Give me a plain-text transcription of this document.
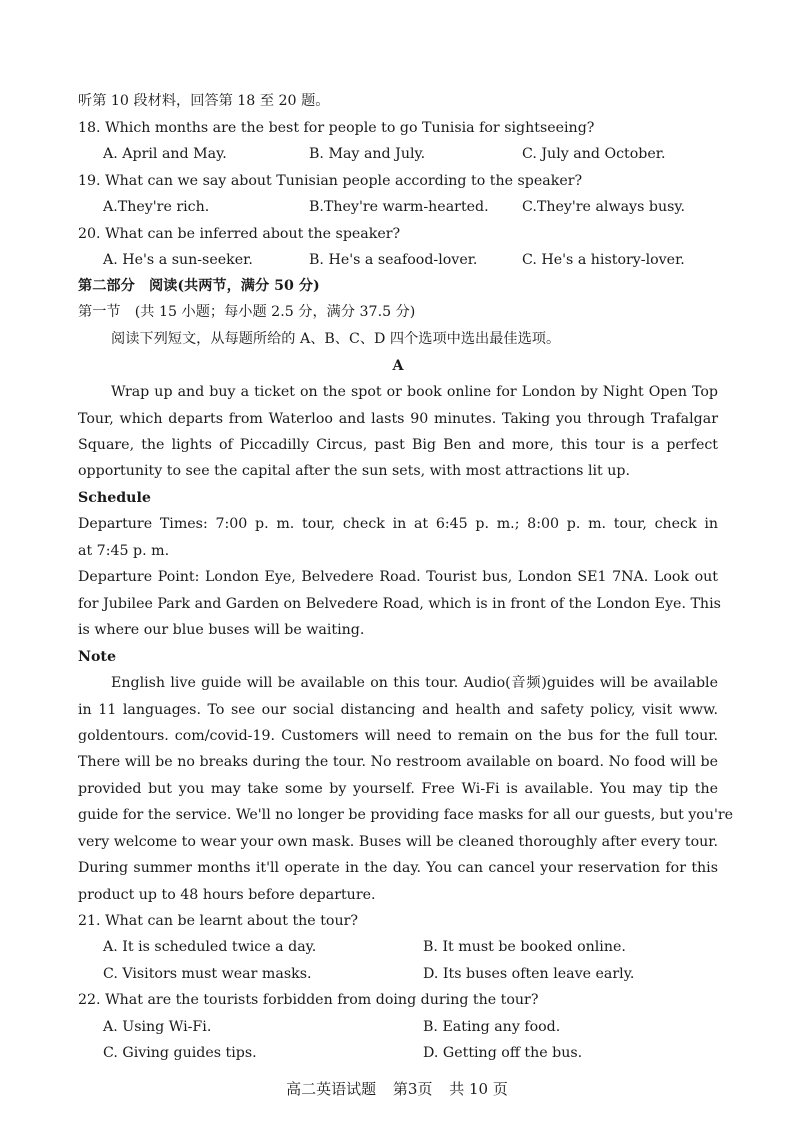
听第 10 段材料，回答第 18 至 20 题。
18. Which months are the best for people to go Tunisia for sightseeing?
A. April and May.	B. May and July.	C. July and October.
19. What can we say about Tunisian people according to the speaker?
A.They're rich.	B.They're warm-hearted. C.They're always busy.
20. What can be inferred about the speaker?
A. He's a sun-seeker.	B. He's a seafood-lover.	C. He's a history-lover.
第二部分　阅读(共两节，满分 50 分)
第一节　(共 15 小题；每小题 2.5 分，满分 37.5 分)
阅读下列短文，从每题所给的 A、B、C、D 四个选项中选出最佳选项。
A
Wrap up and buy a ticket on the spot or book online for London by Night Open Top
Tour, which departs from Waterloo and lasts 90 minutes. Taking you through Trafalgar
Square, the lights of Piccadilly Circus, past Big Ben and more, this tour is a perfect
opportunity to see the capital after the sun sets, with most attractions lit up.
Schedule
Departure Times: 7:00 p. m. tour, check in at 6:45 p. m.; 8:00 p. m. tour, check in
at 7:45 p. m.
Departure Point: London Eye, Belvedere Road. Tourist bus, London SE1 7NA. Look out
for Jubilee Park and Garden on Belvedere Road, which is in front of the London Eye. This
is where our blue buses will be waiting.
Note
English live guide will be available on this tour. Audio(音频)guides will be available
in 11 languages. To see our social distancing and health and safety policy, visit www.
goldentours. com/covid-19. Customers will need to remain on the bus for the full tour.
There will be no breaks during the tour. No restroom available on board. No food will be
provided but you may take some by yourself. Free Wi-Fi is available. You may tip the
guide for the service. We'll no longer be providing face masks for all our guests, but you're
very welcome to wear your own mask. Buses will be cleaned thoroughly after every tour.
During summer months it'll operate in the day. You can cancel your reservation for this
product up to 48 hours before departure.
21. What can be learnt about the tour?
A. It is scheduled twice a day.	B. It must be booked online.
C. Visitors must wear masks.	D. Its buses often leave early.
22. What are the tourists forbidden from doing during the tour?
A. Using Wi-Fi.	B. Eating any food.
C. Giving guides tips.	D. Getting off the bus.
高二英语试题 第3页 共 10 页
